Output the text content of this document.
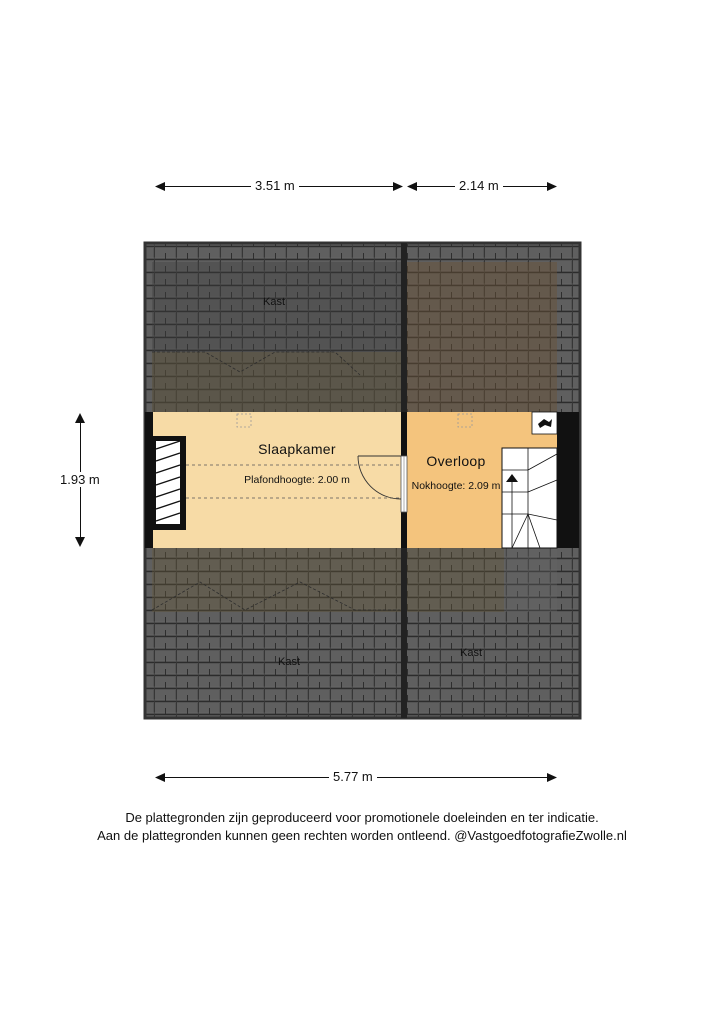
3.51 m	2.14 m
1.93 m
5.77 m
Kast
Slaapkamer
Plafondhoogte: 2.00 m
Overloop
Nokhoogte: 2.09 m
Kast
Kast
De plattegronden zijn geproduceerd voor promotionele doeleinden en ter indicatie.
Aan de plattegronden kunnen geen rechten worden ontleend. @VastgoedfotografieZwolle.nl
